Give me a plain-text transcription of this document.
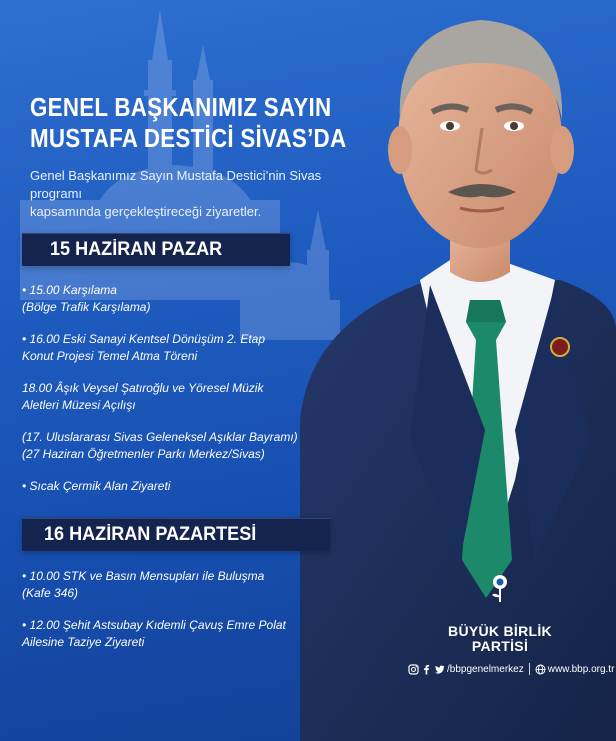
GENEL BAŞKANIMIZ SAYIN
MUSTAFA DESTİCİ SİVAS’DA
Genel Başkanımız Sayın Mustafa Destici’nin Sivas programı
kapsamında gerçekleştireceği ziyaretler.
15 HAZİRAN PAZAR
• 15.00 Karşılama
(Bölge Trafik Karşılama)
• 16.00 Eski Sanayi Kentsel Dönüşüm 2. Etap
Konut Projesi Temel Atma Töreni
18.00 Âşık Veysel Şatıroğlu ve Yöresel Müzik
Aletleri Müzesi Açılışı
(17. Uluslararası Sivas Geleneksel Aşıklar Bayramı)
(27 Haziran Öğretmenler Parkı Merkez/Sivas)
• Sıcak Çermik Alan Ziyareti
16 HAZİRAN PAZARTESİ
• 10.00 STK ve Basın Mensupları ile Buluşma
(Kafe 346)
• 12.00 Şehit Astsubay Kıdemli Çavuş Emre Polat
Ailesine Taziye Ziyareti
BÜYÜK BİRLİK
PARTİSİ
/bbpgenelmerkez www.bbp.org.tr
